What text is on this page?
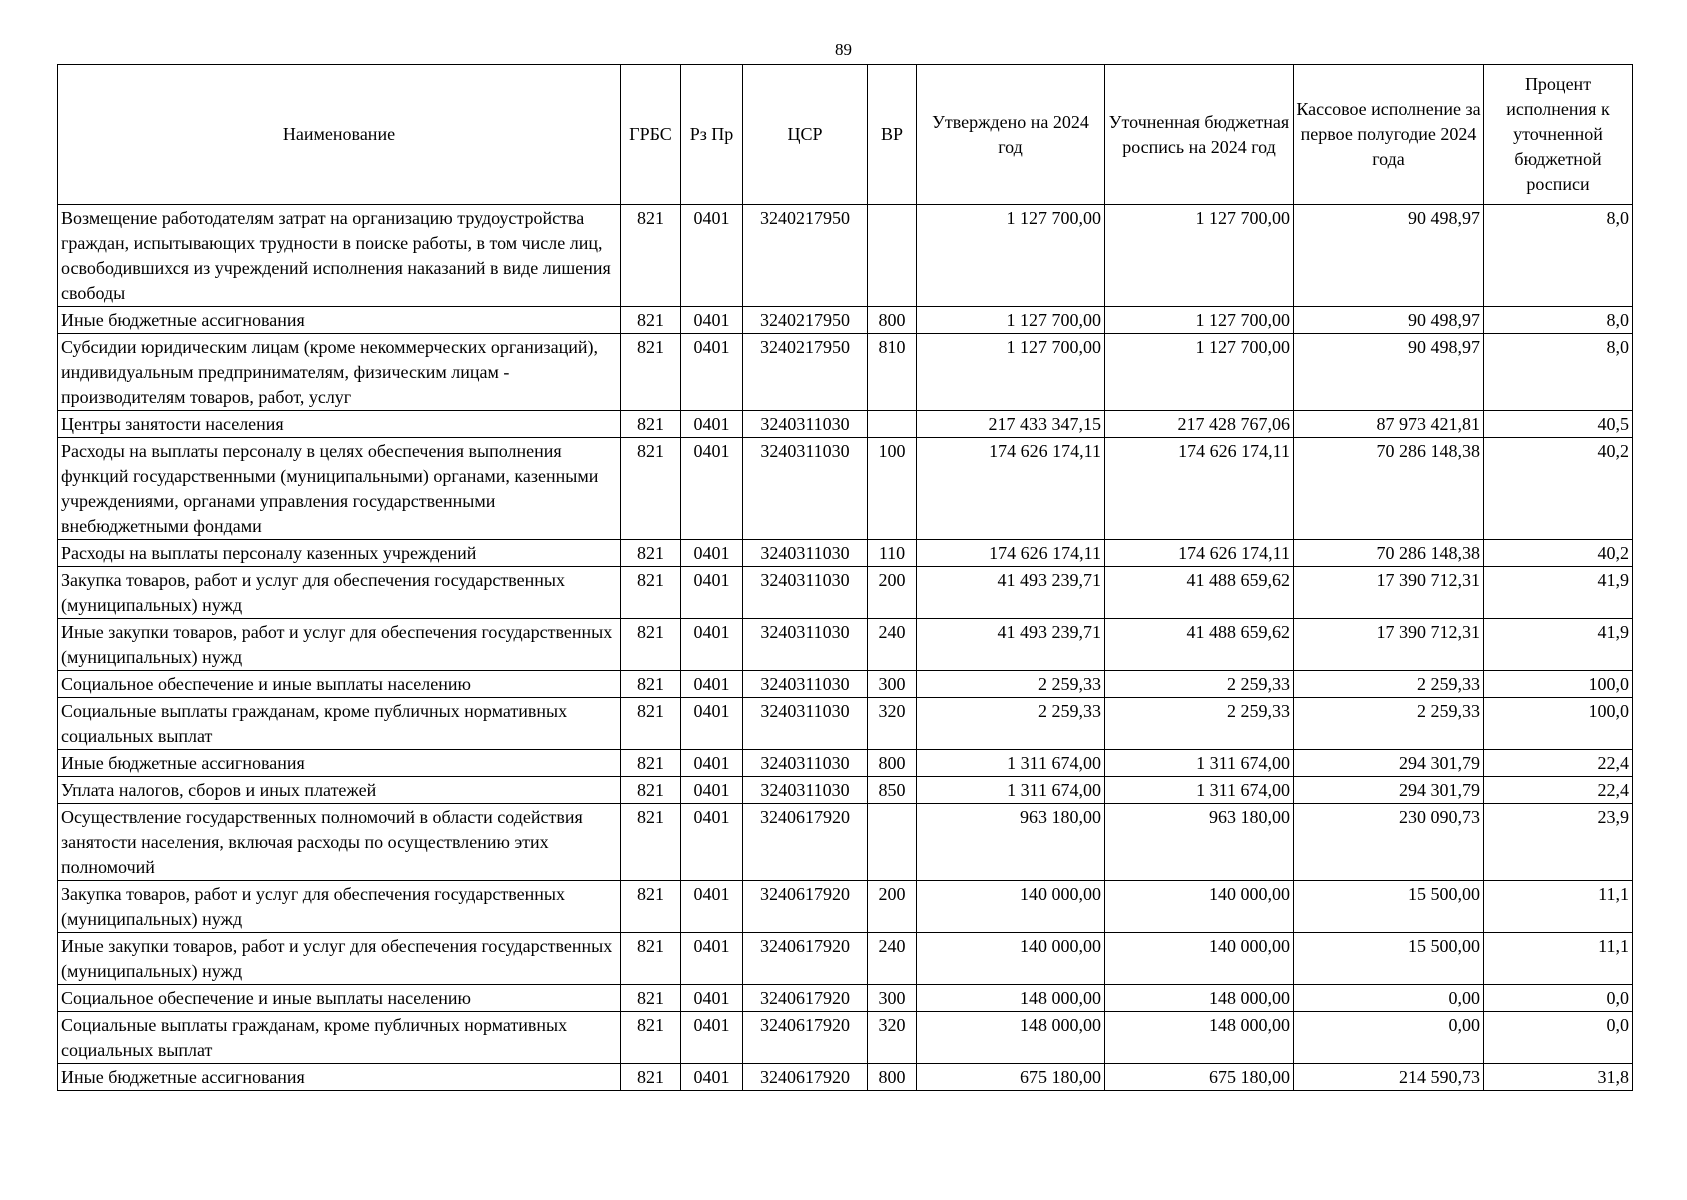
89
Наименование	ГРБС	Рз Пр	ЦСР	ВР	Утверждено на 2024 год	Уточненная бюджетная роспись на 2024 год	Кассовое исполнение за первое полугодие 2024 года	Процент исполнения к уточненной бюджетной росписи
Возмещение работодателям затрат на организацию трудоустройства граждан, испытывающих трудности в поиске работы, в том числе лиц, освободившихся из учреждений исполнения наказаний в виде лишения свободы	821	0401	3240217950		1 127 700,00	1 127 700,00	90 498,97	8,0
Иные бюджетные ассигнования	821	0401	3240217950	800	1 127 700,00	1 127 700,00	90 498,97	8,0
Субсидии юридическим лицам (кроме некоммерческих организаций), индивидуальным предпринимателям, физическим лицам - производителям товаров, работ, услуг	821	0401	3240217950	810	1 127 700,00	1 127 700,00	90 498,97	8,0
Центры занятости населения	821	0401	3240311030		217 433 347,15	217 428 767,06	87 973 421,81	40,5
Расходы на выплаты персоналу в целях обеспечения выполнения функций государственными (муниципальными) органами, казенными учреждениями, органами управления государственными внебюджетными фондами	821	0401	3240311030	100	174 626 174,11	174 626 174,11	70 286 148,38	40,2
Расходы на выплаты персоналу казенных учреждений	821	0401	3240311030	110	174 626 174,11	174 626 174,11	70 286 148,38	40,2
Закупка товаров, работ и услуг для обеспечения государственных (муниципальных) нужд	821	0401	3240311030	200	41 493 239,71	41 488 659,62	17 390 712,31	41,9
Иные закупки товаров, работ и услуг для обеспечения государственных (муниципальных) нужд	821	0401	3240311030	240	41 493 239,71	41 488 659,62	17 390 712,31	41,9
Социальное обеспечение и иные выплаты населению	821	0401	3240311030	300	2 259,33	2 259,33	2 259,33	100,0
Социальные выплаты гражданам, кроме публичных нормативных социальных выплат	821	0401	3240311030	320	2 259,33	2 259,33	2 259,33	100,0
Иные бюджетные ассигнования	821	0401	3240311030	800	1 311 674,00	1 311 674,00	294 301,79	22,4
Уплата налогов, сборов и иных платежей	821	0401	3240311030	850	1 311 674,00	1 311 674,00	294 301,79	22,4
Осуществление государственных полномочий в области содействия занятости населения, включая расходы по осуществлению этих полномочий	821	0401	3240617920		963 180,00	963 180,00	230 090,73	23,9
Закупка товаров, работ и услуг для обеспечения государственных (муниципальных) нужд	821	0401	3240617920	200	140 000,00	140 000,00	15 500,00	11,1
Иные закупки товаров, работ и услуг для обеспечения государственных (муниципальных) нужд	821	0401	3240617920	240	140 000,00	140 000,00	15 500,00	11,1
Социальное обеспечение и иные выплаты населению	821	0401	3240617920	300	148 000,00	148 000,00	0,00	0,0
Социальные выплаты гражданам, кроме публичных нормативных социальных выплат	821	0401	3240617920	320	148 000,00	148 000,00	0,00	0,0
Иные бюджетные ассигнования	821	0401	3240617920	800	675 180,00	675 180,00	214 590,73	31,8
